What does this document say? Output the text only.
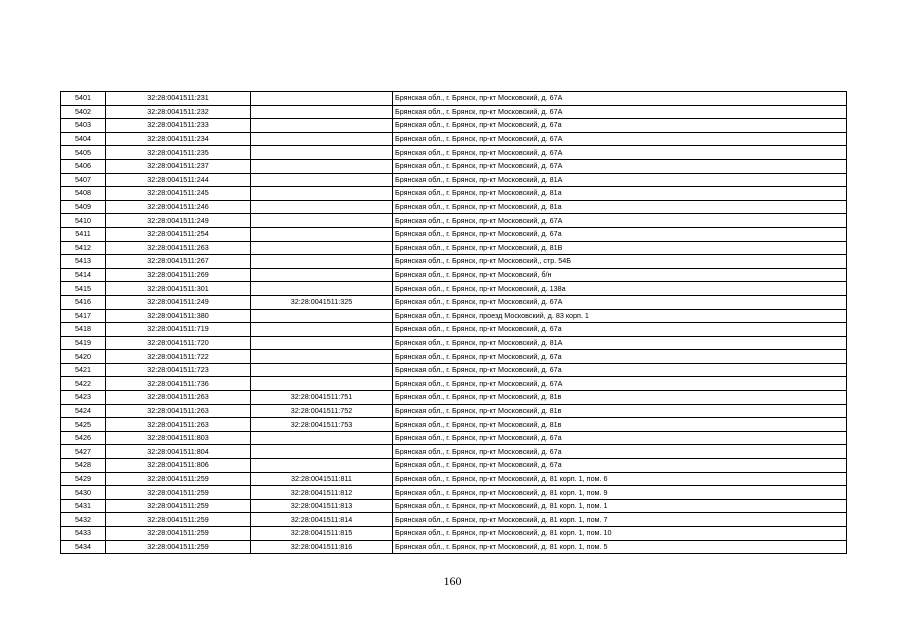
5401	32:28:0041511:231		Брянская обл., г. Брянск, пр-кт Московский, д. 67А
5402	32:28:0041511:232		Брянская обл., г. Брянск, пр-кт Московский, д. 67А
5403	32:28:0041511:233		Брянская обл., г. Брянск, пр-кт Московский, д. 67а
5404	32:28:0041511:234		Брянская обл., г. Брянск, пр-кт Московский, д. 67А
5405	32:28:0041511:235		Брянская обл., г. Брянск, пр-кт Московский, д. 67А
5406	32:28:0041511:237		Брянская обл., г. Брянск, пр-кт Московский, д. 67А
5407	32:28:0041511:244		Брянская обл., г. Брянск, пр-кт Московский, д. 81А
5408	32:28:0041511:245		Брянская обл., г. Брянск, пр-кт Московский, д. 81а
5409	32:28:0041511:246		Брянская обл., г. Брянск, пр-кт Московский, д. 81а
5410	32:28:0041511:249		Брянская обл., г. Брянск, пр-кт Московский, д. 67А
5411	32:28:0041511:254		Брянская обл., г. Брянск, пр-кт Московский, д. 67а
5412	32:28:0041511:263		Брянская обл., г. Брянск, пр-кт Московский, д. 81В
5413	32:28:0041511:267		Брянская обл., г. Брянск, пр-кт Московский,, стр. 54Б
5414	32:28:0041511:269		Брянская обл., г. Брянск, пр-кт Московский, б/н
5415	32:28:0041511:301		Брянская обл., г. Брянск, пр-кт Московский, д. 138а
5416	32:28:0041511:249	32:28:0041511:325	Брянская обл., г. Брянск, пр-кт Московский, д. 67А
5417	32:28:0041511:380		Брянская обл., г. Брянск, проезд Московский, д. 83 корп. 1
5418	32:28:0041511:719		Брянская обл., г. Брянск, пр-кт Московский, д. 67а
5419	32:28:0041511:720		Брянская обл., г. Брянск, пр-кт Московский, д. 81А
5420	32:28:0041511:722		Брянская обл., г. Брянск, пр-кт Московский, д. 67а
5421	32:28:0041511:723		Брянская обл., г. Брянск, пр-кт Московский, д. 67а
5422	32:28:0041511:736		Брянская обл., г. Брянск, пр-кт Московский, д. 67А
5423	32:28:0041511:263	32:28:0041511:751	Брянская обл., г. Брянск, пр-кт Московский, д. 81в
5424	32:28:0041511:263	32:28:0041511:752	Брянская обл., г. Брянск, пр-кт Московский, д. 81в
5425	32:28:0041511:263	32:28:0041511:753	Брянская обл., г. Брянск, пр-кт Московский, д. 81в
5426	32:28:0041511:803		Брянская обл., г. Брянск, пр-кт Московский, д. 67а
5427	32:28:0041511:804		Брянская обл., г. Брянск, пр-кт Московский, д. 67а
5428	32:28:0041511:806		Брянская обл., г. Брянск, пр-кт Московский, д. 67а
5429	32:28:0041511:259	32:28:0041511:811	Брянская обл., г. Брянск, пр-кт Московский, д. 81 корп. 1, пом. 6
5430	32:28:0041511:259	32:28:0041511:812	Брянская обл., г. Брянск, пр-кт Московский, д. 81 корп. 1, пом. 9
5431	32:28:0041511:259	32:28:0041511:813	Брянская обл., г. Брянск, пр-кт Московский, д. 81 корп. 1, пом. 1
5432	32:28:0041511:259	32:28:0041511:814	Брянская обл., г. Брянск, пр-кт Московский, д. 81 корп. 1, пом. 7
5433	32:28:0041511:259	32:28:0041511:815	Брянская обл., г. Брянск, пр-кт Московский, д. 81 корп. 1, пом. 10
5434	32:28:0041511:259	32:28:0041511:816	Брянская обл., г. Брянск, пр-кт Московский, д. 81 корп. 1, пом. 5
160
